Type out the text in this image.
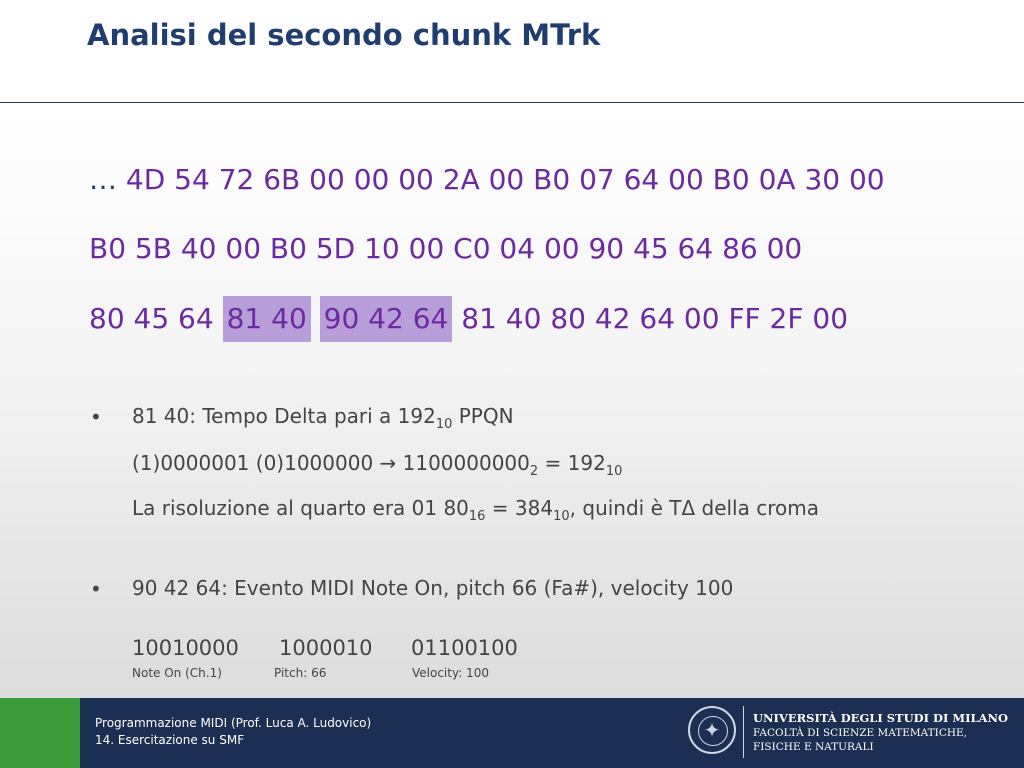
Analisi del secondo chunk MTrk
… 4D 54 72 6B 00 00 00 2A 00 B0 07 64 00 B0 0A 30 00
B0 5B 40 00 B0 5D 10 00 C0 04 00 90 45 64 86 00
80 45 64 81 40 90 42 64 81 40 80 42 64 00 FF 2F 00
• 81 40: Tempo Delta pari a $192_{10}$ PPQN
(1)0000001 $(0)1000000 \to 1100000000_2 = 192_{10}$
La risoluzione al quarto era 01 $80_{16} = 384_{10}$, quindi è TΔ della croma
• 90 42 64: Evento MIDI Note On, pitch 66 (Fa#), velocity 100
10010000 1000010 01100100
Note On (Ch.1)	Pitch: 66	Velocity: 100
Programmazione MIDI (Prof. Luca A. Ludovico)
14. Esercitazione su SMF	✦	UNIVERSITÀ DEGLI STUDI DI MILANO
FACOLTÀ DI SCIENZE MATEMATICHE,
FISICHE E NATURALI
